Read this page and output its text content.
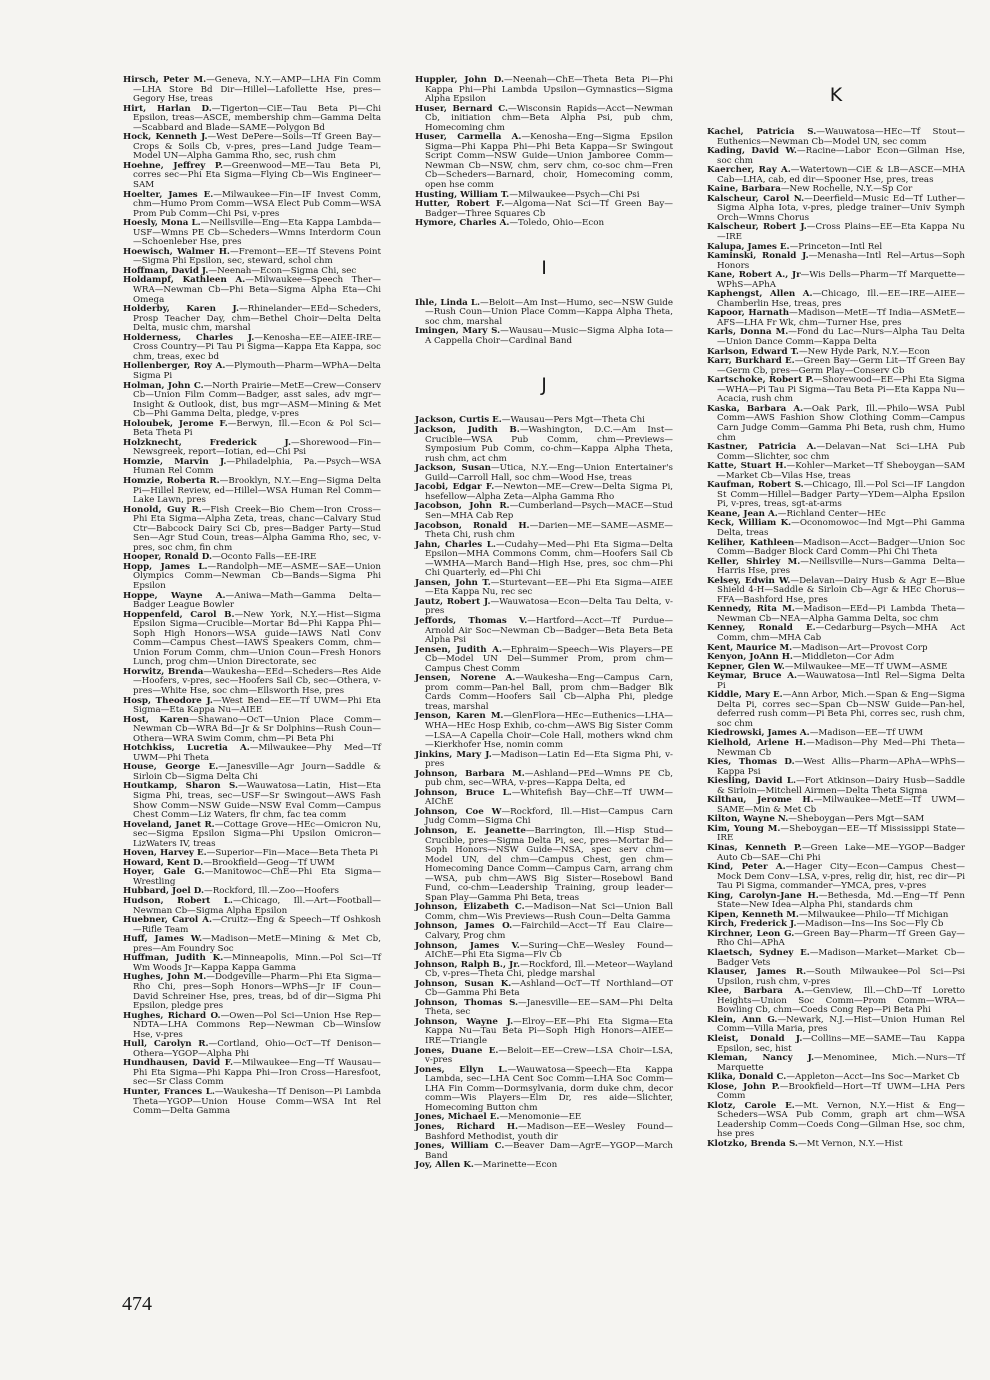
Hirsch, Peter M.—Geneva, N.Y.—AMP—LHA Fin Comm—LHA Store Bd Dir—Hillel—Lafollette Hse, pres—Gegory Hse, treas
Hirt, Harlan D.—Tigerton—CiE—Tau Beta Pi—Chi Epsilon, treas—ASCE, membership chm—Gamma Delta—Scabbard and Blade—SAME—Polygon Bd
Hock, Kenneth J.—West DePere—Soils—Tf Green Bay—Crops & Soils Cb, v-pres, pres—Land Judge Team—Model UN—Alpha Gamma Rho, sec, rush chm
Hoehne, Jeffrey P.—Greenwood—ME—Tau Beta Pi, corres sec—Phi Eta Sigma—Flying Cb—Wis Engineer—SAM
Hoelter, James E.—Milwaukee—Fin—IF Invest Comm, chm—Humo Prom Comm—WSA Elect Pub Comm—WSA Prom Pub Comm—Chi Psi, v-pres
Hoesly, Mona L.—Neillsville—Eng—Eta Kappa Lambda—USF—Wmns PE Cb—Scheders—Wmns Interdorm Coun—Schoenleber Hse, pres
Hoewisch, Walmer H.—Fremont—EE—Tf Stevens Point—Sigma Phi Epsilon, sec, steward, schol chm
Hoffman, David J.—Neenah—Econ—Sigma Chi, sec
Holdampf, Kathleen A.—Milwaukee—Speech Ther—WRA—Newman Cb—Phi Beta—Sigma Alpha Eta—Chi Omega
Holderby, Karen J.—Rhinelander—EEd—Scheders, Prosp Teacher Day, chm—Bethel Choir—Delta Delta Delta, music chm, marshal
Holderness, Charles J.—Kenosha—EE—AIEE-IRE—Cross Country—Pi Tau Pi Sigma—Kappa Eta Kappa, soc chm, treas, exec bd
Hollenberger, Roy A.—Plymouth—Pharm—WPhA—Delta Sigma Pi
Holman, John C.—North Prairie—MetE—Crew—Conserv Cb—Union Film Comm—Badger, asst sales, adv mgr—Insight & Outlook, dist, bus mgr—ASM—Mining & Met Cb—Phi Gamma Delta, pledge, v-pres
Holoubek, Jerome F.—Berwyn, Ill.—Econ & Pol Sci—Beta Theta Pi
Holzknecht, Frederick J.—Shorewood—Fin—Newsgreek, report—Iotian, ed—Chi Psi
Homzie, Marvin J.—Philadelphia, Pa.—Psych—WSA Human Rel Comm
Homzie, Roberta R.—Brooklyn, N.Y.—Eng—Sigma Delta Pi—Hillel Review, ed—Hillel—WSA Human Rel Comm—Lake Lawn, pres
Honold, Guy R.—Fish Creek—Bio Chem—Iron Cross—Phi Eta Sigma—Alpha Zeta, treas, chanc—Calvary Stud Ctr—Babcock Dairy Sci Cb, pres—Badger Party—Stud Sen—Agr Stud Coun, treas—Alpha Gamma Rho, sec, v-pres, soc chm, fin chm
Hooper, Ronald D.—Oconto Falls—EE-IRE
Hopp, James L.—Randolph—ME—ASME—SAE—Union Olympics Comm—Newman Cb—Bands—Sigma Phi Epsilon
Hoppe, Wayne A.—Aniwa—Math—Gamma Delta—Badger League Bowler
Hoppenfeld, Carol B.—New York, N.Y.—Hist—Sigma Epsilon Sigma—Crucible—Mortar Bd—Phi Kappa Phi—Soph High Honors—WSA guide—IAWS Natl Conv Comm—Campus Chest—IAWS Speakers Comm, chm—Union Forum Comm, chm—Union Coun—Fresh Honors Lunch, prog chm—Union Directorate, sec
Horwitz, Brenda—Waukesha—EEd—Scheders—Res Aide—Hoofers, v-pres, sec—Hoofers Sail Cb, sec—Othera, v-pres—White Hse, soc chm—Ellsworth Hse, pres
Hosp, Theodore J.—West Bend—EE—Tf UWM—Phi Eta Sigma—Eta Kappa Nu—AIEE
Host, Karen—Shawano—OcT—Union Place Comm—Newman Cb—WRA Bd—Jr & Sr Dolphins—Rush Coun—Othera—WRA Swim Comm, chm—Pi Beta Phi
Hotchkiss, Lucretia A.—Milwaukee—Phy Med—Tf UWM—Phi Theta
House, George E.—Janesville—Agr Journ—Saddle & Sirloin Cb—Sigma Delta Chi
Houtkamp, Sharon S.—Wauwatosa—Latin, Hist—Eta Sigma Phi, treas, sec—USF—Sr Swingout—AWS Fash Show Comm—NSW Guide—NSW Eval Comm—Campus Chest Comm—Liz Waters, flr chm, fac tea comm
Hoveland, Janet R.—Cottage Grove—HEc—Omicron Nu, sec—Sigma Epsilon Sigma—Phi Upsilon Omicron—LizWaters IV, treas
Hoven, Harvey E.—Superior—Fin—Mace—Beta Theta Pi
Howard, Kent D.—Brookfield—Geog—Tf UWM
Hoyer, Gale G.—Manitowoc—ChE—Phi Eta Sigma—Wrestling
Hubbard, Joel D.—Rockford, Ill.—Zoo—Hoofers
Hudson, Robert L.—Chicago, Ill.—Art—Football—Newman Cb—Sigma Alpha Epsilon
Huebner, Carol A.—Cruitz—Eng & Speech—Tf Oshkosh—Rifle Team
Huff, James W.—Madison—MetE—Mining & Met Cb, pres—Am Foundry Soc
Huffman, Judith K.—Minneapolis, Minn.—Pol Sci—Tf Wm Woods Jr—Kappa Kappa Gamma
Hughes, John M.—Dodgeville—Pharm—Phi Eta Sigma—Rho Chi, pres—Soph Honors—WPhS—Jr IF Coun—David Schreiner Hse, pres, treas, bd of dir—Sigma Phi Epsilon, pledge pres
Hughes, Richard O.—Owen—Pol Sci—Union Hse Rep—NDTA—LHA Commons Rep—Newman Cb—Winslow Hse, v-pres
Hull, Carolyn R.—Cortland, Ohio—OcT—Tf Denison—Othera—YGOP—Alpha Phi
Hundhausen, David F.—Milwaukee—Eng—Tf Wausau—Phi Eta Sigma—Phi Kappa Phi—Iron Cross—Haresfoot, sec—Sr Class Comm
Hunter, Frances L.—Waukesha—Tf Denison—Pi Lambda Theta—YGOP—Union House Comm—WSA Int Rel Comm—Delta Gamma
Huppler, John D.—Neenah—ChE—Theta Beta Pi—Phi Kappa Phi—Phi Lambda Upsilon—Gymnastics—Sigma Alpha Epsilon
Huser, Bernard C.—Wisconsin Rapids—Acct—Newman Cb, initiation chm—Beta Alpha Psi, pub chm, Homecoming chm
Huser, Carmella A.—Kenosha—Eng—Sigma Epsilon Sigma—Phi Kappa Phi—Phi Beta Kappa—Sr Swingout Script Comm—NSW Guide—Union Jamboree Comm—Newman Cb—NSW, chm, serv chm, co-soc chm—Fren Cb—Scheders—Barnard, choir, Homecoming comm, open hse comm
Husting, William T.—Milwaukee—Psych—Chi Psi
Hutter, Robert F.—Algoma—Nat Sci—Tf Green Bay—Badger—Three Squares Cb
Hymore, Charles A.—Toledo, Ohio—Econ
I
Ihle, Linda L.—Beloit—Am Inst—Humo, sec—NSW Guide—Rush Coun—Union Place Comm—Kappa Alpha Theta, soc chm, marshal
Imingen, Mary S.—Wausau—Music—Sigma Alpha Iota—A Cappella Choir—Cardinal Band
J
Jackson, Curtis E.—Wausau—Pers Mgt—Theta Chi
Jackson, Judith B.—Washington, D.C.—Am Inst—Crucible—WSA Pub Comm, chm—Previews—Symposium Pub Comm, co-chm—Kappa Alpha Theta, rush chm, act chm
Jackson, Susan—Utica, N.Y.—Eng—Union Entertainer's Guild—Carroll Hall, soc chm—Wood Hse, treas
Jacobi, Edgar F.—Newton—ME—Crew—Delta Sigma Pi, hsefellow—Alpha Zeta—Alpha Gamma Rho
Jacobson, John R.—Cumberland—Psych—MACE—Stud Sen—MHA Cab Rep
Jacobson, Ronald H.—Darien—ME—SAME—ASME—Theta Chi, rush chm
Jahn, Charles L.—Cudahy—Med—Phi Eta Sigma—Delta Epsilon—MHA Commons Comm, chm—Hoofers Sail Cb—WMHA—March Band—High Hse, pres, soc chm—Phi Chi Quarterly, ed—Phi Chi
Jansen, John T.—Sturtevant—EE—Phi Eta Sigma—AIEE—Eta Kappa Nu, rec sec
Jautz, Robert J.—Wauwatosa—Econ—Delta Tau Delta, v-pres
Jeffords, Thomas V.—Hartford—Acct—Tf Purdue—Arnold Air Soc—Newman Cb—Badger—Beta Beta Beta Alpha Psi
Jensen, Judith A.—Ephraim—Speech—Wis Players—PE Cb—Model UN Del—Summer Prom, prom chm—Campus Chest Comm
Jensen, Norene A.—Waukesha—Eng—Campus Carn, prom comm—Pan-hel Ball, prom chm—Badger Blk Cards Comm—Hoofers Sail Cb—Alpha Phi, pledge treas, marshal
Jenson, Karen M.—GlenFlora—HEc—Euthenics—LHA—WHA—HEc Hosp Exhib, co-chm—AWS Big Sister Comm—LSA—A Capella Choir—Cole Hall, mothers wknd chm—Kierkhofer Hse, nomin comm
Jinkins, Mary J.—Madison—Latin Ed—Eta Sigma Phi, v-pres
Johnson, Barbara M.—Ashland—PEd—Wmns PE Cb, pub chm, sec—WRA, v-pres—Kappa Delta, ed
Johnson, Bruce L.—Whitefish Bay—ChE—Tf UWM—AIChE
Johnson, Coe W—Rockford, Ill.—Hist—Campus Carn Judg Comm—Sigma Chi
Johnson, E. Jeanette—Barrington, Ill.—Hisp Stud—Crucible, pres—Sigma Delta Pi, sec, pres—Mortar Bd—Soph Honors—NSW Guide—NSA, spec serv chm—Model UN, del chm—Campus Chest, gen chm—Homecoming Dance Comm—Campus Carn, arrang chm—WSA, pub chm—AWS Big Sister—Rosebowl Band Fund, co-chm—Leadership Training, group leader—Span Play—Gamma Phi Beta, treas
Johnson, Elizabeth C.—Madison—Nat Sci—Union Ball Comm, chm—Wis Previews—Rush Coun—Delta Gamma
Johnson, James O.—Fairchild—Acct—Tf Eau Claire—Calvary, Prog chm
Johnson, James V.—Suring—ChE—Wesley Found—AIChE—Phi Eta Sigma—Flv Cb
Johnson, Ralph B., Jr.—Rockford, Ill.—Meteor—Wayland Cb, v-pres—Theta Chi, pledge marshal
Johnson, Susan K.—Ashland—OcT—Tf Northland—OT Cb—Gamma Phi Beta
Johnson, Thomas S.—Janesville—EE—SAM—Phi Delta Theta, sec
Johnson, Wayne J.—Elroy—EE—Phi Eta Sigma—Eta Kappa Nu—Tau Beta Pi—Soph High Honors—AIEE—IRE—Triangle
Jones, Duane E.—Beloit—EE—Crew—LSA Choir—LSA, v-pres
Jones, Ellyn L.—Wauwatosa—Speech—Eta Kappa Lambda, sec—LHA Cent Soc Comm—LHA Soc Comm—LHA Fin Comm—Dormsylvania, dorm duke chm, decor comm—Wis Players—Elm Dr, res aide—Slichter, Homecoming Button chm
Jones, Michael E.—Menomonie—EE
Jones, Richard H.—Madison—EE—Wesley Found—Bashford Methodist, youth dir
Jones, William C.—Beaver Dam—AgrE—YGOP—March Band
Joy, Allen K.—Marinette—Econ
K
Kachel, Patricia S.—Wauwatosa—HEc—Tf Stout—Euthenics—Newman Cb—Model UN, sec comm
Kading, David W.—Racine—Labor Econ—Gilman Hse, soc chm
Kaercher, Ray A.—Watertown—CiE & LB—ASCE—MHA Cab—LHA, cab, ed dir—Spooner Hse, pres, treas
Kaine, Barbara—New Rochelle, N.Y.—Sp Cor
Kalscheur, Carol N.—Deerfield—Music Ed—Tf Luther—Sigma Alpha Iota, v-pres, pledge trainer—Univ Symph Orch—Wmns Chorus
Kalscheur, Robert J.—Cross Plains—EE—Eta Kappa Nu—IRE
Kalupa, James E.—Princeton—Intl Rel
Kaminski, Ronald J.—Menasha—Intl Rel—Artus—Soph Honors
Kane, Robert A., Jr—Wis Dells—Pharm—Tf Marquette—WPhS—APhA
Kaphengst, Allen A.—Chicago, Ill.—EE—IRE—AIEE—Chamberlin Hse, treas, pres
Kapoor, Harnath—Madison—MetE—Tf India—ASMetE—AFS—LHA Fr Wk, chm—Turner Hse, pres
Karls, Donna M.—Fond du Lac—Nurs—Alpha Tau Delta—Union Dance Comm—Kappa Delta
Karlson, Edward T.—New Hyde Park, N.Y.—Econ
Karr, Burkhard E.—Green Bay—Germ Lit—Tf Green Bay—Germ Cb, pres—Germ Play—Conserv Cb
Kartschoke, Robert P.—Shorewood—EE—Phi Eta Sigma—WHA—Pi Tau Pi Sigma—Tau Beta Pi—Eta Kappa Nu—Acacia, rush chm
Kaska, Barbara A.—Oak Park, Ill.—Philo—WSA Publ Comm—AWS Fashion Show Clothing Comm—Campus Carn Judge Comm—Gamma Phi Beta, rush chm, Humo chm
Kastner, Patricia A.—Delavan—Nat Sci—LHA Pub Comm—Slichter, soc chm
Katte, Stuart H.—Kohler—Market—Tf Sheboygan—SAM—Market Cb—Vilas Hse, treas
Kaufman, Robert S.—Chicago, Ill.—Pol Sci—IF Langdon St Comm—Hillel—Badger Party—YDem—Alpha Epsilon Pi, v-pres, treas, sgt-at-arms
Keane, Jean A.—Richland Center—HEc
Keck, William K.—Oconomowoc—Ind Mgt—Phi Gamma Delta, treas
Keliher, Kathleen—Madison—Acct—Badger—Union Soc Comm—Badger Block Card Comm—Phi Chi Theta
Keller, Shirley M.—Neillsville—Nurs—Gamma Delta—Harris Hse, pres
Kelsey, Edwin W.—Delavan—Dairy Husb & Agr E—Blue Shield 4-H—Saddle & Sirloin Cb—Agr & HEc Chorus—FFA—Bashford Hse, pres
Kennedy, Rita M.—Madison—EEd—Pi Lambda Theta—Newman Cb—NEA—Alpha Gamma Delta, soc chm
Kenney, Ronald E.—Cedarburg—Psych—MHA Act Comm, chm—MHA Cab
Kent, Maurice M.—Madison—Art—Provost Corp
Kenyon, JoAnn H.—Middleton—Cor Adm
Kepner, Glen W.—Milwaukee—ME—Tf UWM—ASME
Keymar, Bruce A.—Wauwatosa—Intl Rel—Sigma Delta Pi
Kiddle, Mary E.—Ann Arbor, Mich.—Span & Eng—Sigma Delta Pi, corres sec—Span Cb—NSW Guide—Pan-hel, deferred rush comm—Pi Beta Phi, corres sec, rush chm, soc chm
Kiedrowski, James A.—Madison—EE—Tf UWM
Kielhold, Arlene H.—Madison—Phy Med—Phi Theta—Newman Cb
Kies, Thomas D.—West Allis—Pharm—APhA—WPhS—Kappa Psi
Kiesling, David L.—Fort Atkinson—Dairy Husb—Saddle & Sirloin—Mitchell Airmen—Delta Theta Sigma
Kilthau, Jerome H.—Milwaukee—MetE—Tf UWM—SAME—Min & Met Cb
Kilton, Wayne N.—Sheboygan—Pers Mgt—SAM
Kim, Young M.—Sheboygan—EE—Tf Mississippi State—IRE
Kinas, Kenneth P.—Green Lake—ME—YGOP—Badger Auto Cb—SAE—Chi Phi
Kind, Peter A.—Hager City—Econ—Campus Chest—Mock Dem Conv—LSA, v-pres, relig dir, hist, rec dir—Pi Tau Pi Sigma, commander—YMCA, pres, v-pres
King, Carolyn-Jane H.—Bethesda, Md.—Eng—Tf Penn State—New Idea—Alpha Phi, standards chm
Kipen, Kenneth M.—Milwaukee—Philo—Tf Michigan
Kirch, Frederick J.—Madison—Ins—Ins Soc—Fly Cb
Kirchner, Leon G.—Green Bay—Pharm—Tf Green Gay—Rho Chi—APhA
Klaetsch, Sydney E.—Madison—Market—Market Cb—Badger Vets
Klauser, James R.—South Milwaukee—Pol Sci—Psi Upsilon, rush chm, v-pres
Klee, Barbara A.—Genview, Ill.—ChD—Tf Loretto Heights—Union Soc Comm—Prom Comm—WRA—Bowling Cb, chm—Coeds Cong Rep—Pi Beta Phi
Klein, Ann G.—Newark, N.J.—Hist—Union Human Rel Comm—Villa Maria, pres
Kleist, Donald J.—Collins—ME—SAME—Tau Kappa Epsilon, sec, hist
Kleman, Nancy J.—Menominee, Mich.—Nurs—Tf Marquette
Klika, Donald C.—Appleton—Acct—Ins Soc—Market Cb
Klose, John P.—Brookfield—Hort—Tf UWM—LHA Pers Comm
Klotz, Carole E.—Mt. Vernon, N.Y.—Hist & Eng—Scheders—WSA Pub Comm, graph art chm—WSA Leadership Comm—Coeds Cong—Gilman Hse, soc chm, hse pres
Klotzko, Brenda S.—Mt Vernon, N.Y.—Hist
474
